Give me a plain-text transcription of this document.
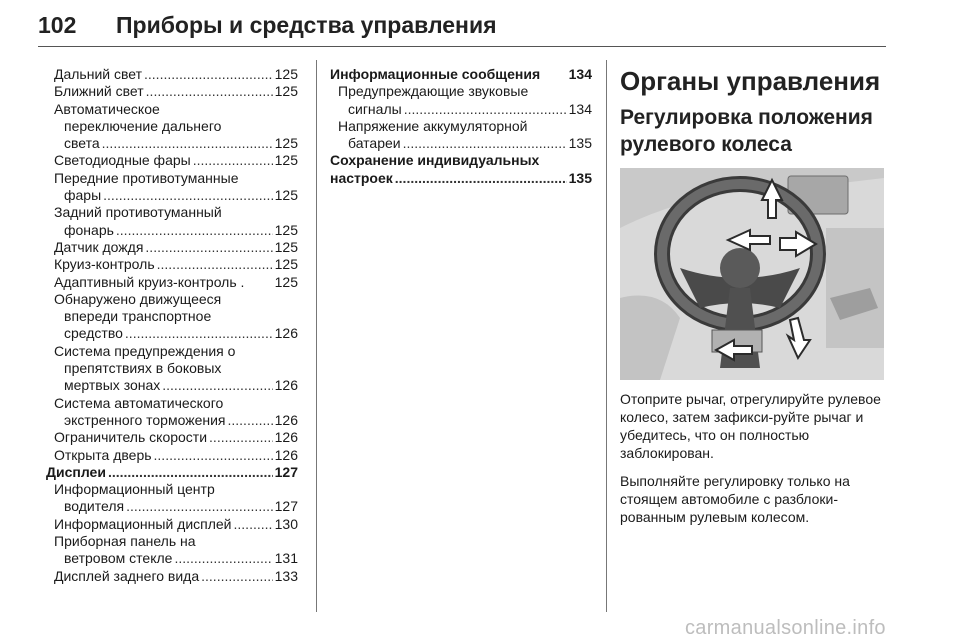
102 Приборы и средства управления
Дальний свет .....	125
Ближний свет .....	125
Автоматическое
переключение дальнего
света .....	125
Светодиодные фары .....	125
Передние противотуманные
фары .....	125
Задний противотуманный
фонарь .....	125
Датчик дождя .....	125
Круиз-контроль .....	125
Адаптивный круиз-контроль .	125
Обнаружено движущееся
впереди транспортное
средство .....	126
Система предупреждения о
препятствиях в боковых
мертвых зонах .....	126
Система автоматического
экстренного торможения .....	126
Ограничитель скорости .....	126
Открыта дверь .....	126
Дисплеи .....	127
Информационный центр
водителя .....	127
Информационный дисплей .....	130
Приборная панель на
ветровом стекле .....	131
Дисплей заднего вида .....	133
Информационные сообщения	134
Предупреждающие звуковые
сигналы .....	134
Напряжение аккумуляторной
батареи .....	135
Сохранение индивидуальных
настроек .....	135
Органы управления
Регулировка положения рулевого колеса

Отоприте рычаг, отрегулируйте рулевое колесо, затем зафикси-руйте рычаг и убедитесь, что он полностью заблокирован.

Выполняйте регулировку только на стоящем автомобиле с разблоки-рованным рулевым колесом.

carmanualsonline.info
